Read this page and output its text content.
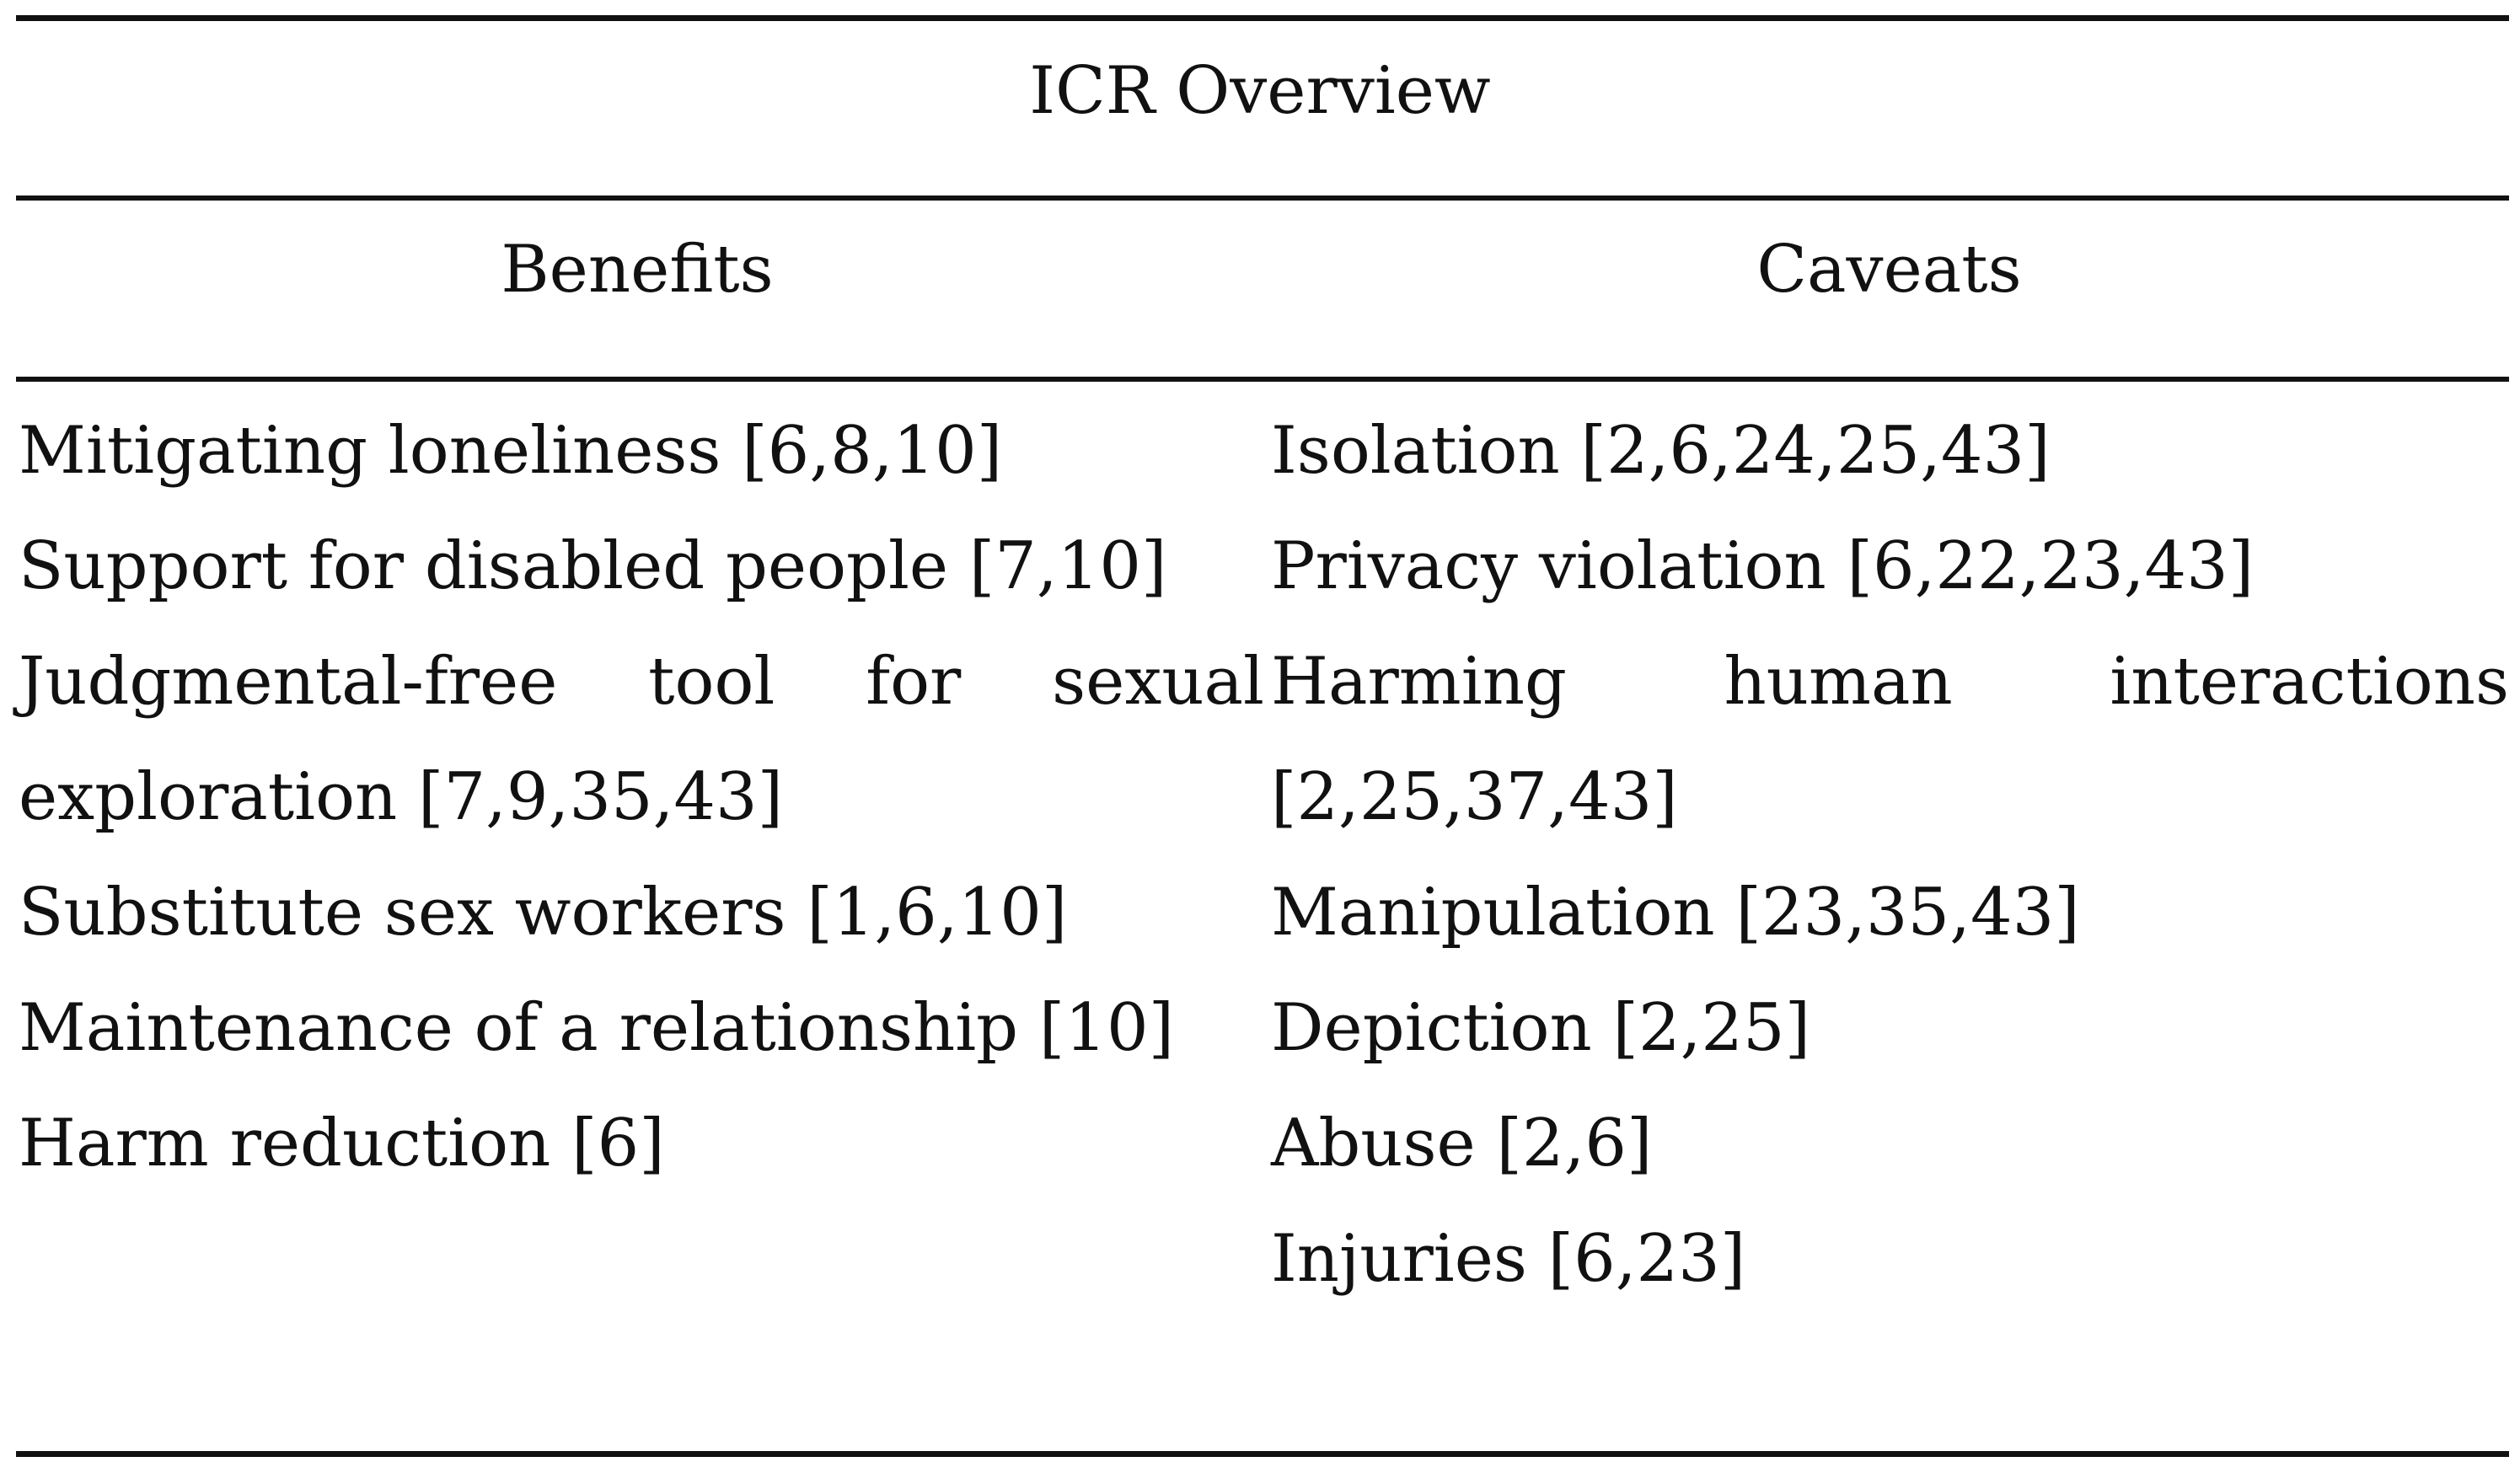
ICR Overview
Benefits	Caveats
Mitigating loneliness [6,8,10]
Support for disabled people [7,10]
Judgmental-free tool for sexual exploration [7,9,35,43]
Substitute sex workers [1,6,10]
Maintenance of a relationship [10]
Harm reduction [6]
Isolation [2,6,24,25,43]
Privacy violation [6,22,23,43]
Harming human interactions [2,25,37,43]
Manipulation [23,35,43]
Depiction [2,25]
Abuse [2,6]
Injuries [6,23]
